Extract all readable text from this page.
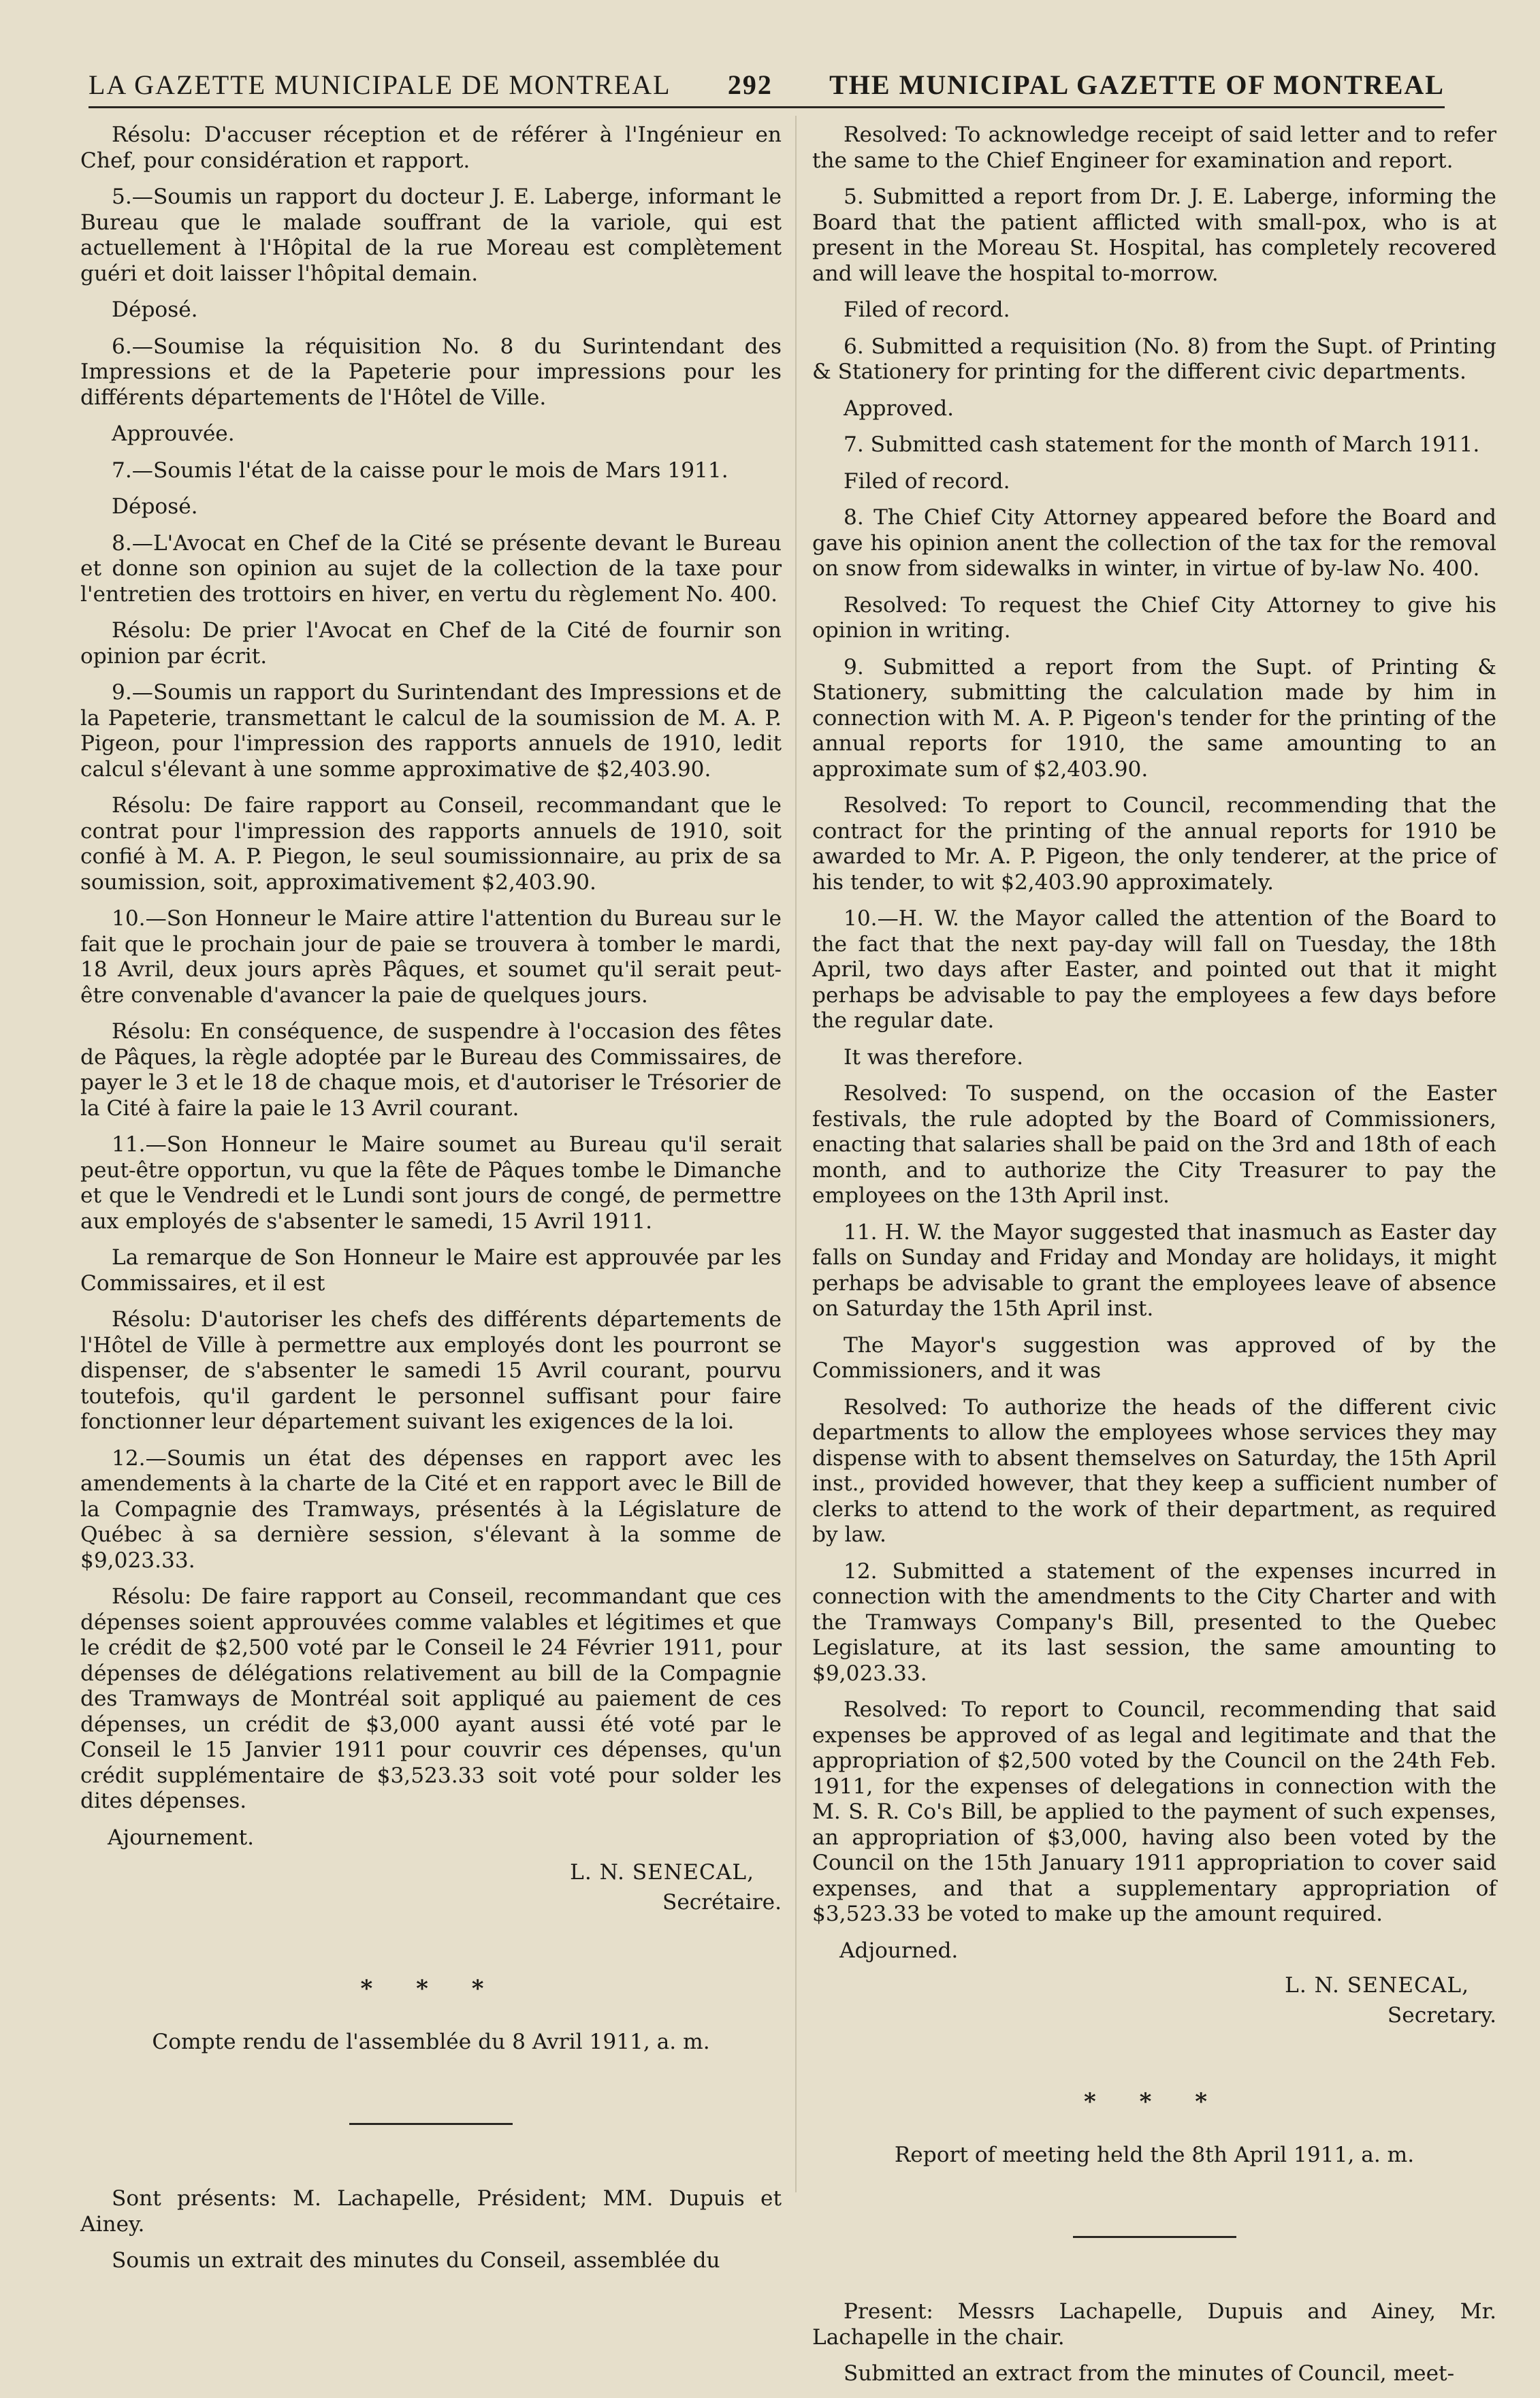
LA GAZETTE MUNICIPALE DE MONTREAL 292 THE MUNICIPAL GAZETTE OF MONTREAL

Résolu: D'accuser réception et de référer à l'Ingénieur en Chef, pour considération et rapport.

5.—Soumis un rapport du docteur J. E. Laberge, informant le Bureau que le malade souffrant de la variole, qui est actuellement à l'Hôpital de la rue Moreau est complètement guéri et doit laisser l'hôpital demain.

Déposé.

6.—Soumise la réquisition No. 8 du Surintendant des Impressions et de la Papeterie pour impressions pour les différents départements de l'Hôtel de Ville.

Approuvée.

7.—Soumis l'état de la caisse pour le mois de Mars 1911.

Déposé.

8.—L'Avocat en Chef de la Cité se présente devant le Bureau et donne son opinion au sujet de la collection de la taxe pour l'entretien des trottoirs en hiver, en vertu du règlement No. 400.

Résolu: De prier l'Avocat en Chef de la Cité de fournir son opinion par écrit.

9.—Soumis un rapport du Surintendant des Impressions et de la Papeterie, transmettant le calcul de la soumission de M. A. P. Pigeon, pour l'impression des rapports annuels de 1910, ledit calcul s'élevant à une somme approximative de $2,403.90.

Résolu: De faire rapport au Conseil, recommandant que le contrat pour l'impression des rapports annuels de 1910, soit confié à M. A. P. Piegon, le seul soumissionnaire, au prix de sa soumission, soit, approximativement $2,403.90.

10.—Son Honneur le Maire attire l'attention du Bureau sur le fait que le prochain jour de paie se trouvera à tomber le mardi, 18 Avril, deux jours après Pâques, et soumet qu'il serait peut-être convenable d'avancer la paie de quelques jours.

Résolu: En conséquence, de suspendre à l'occasion des fêtes de Pâques, la règle adoptée par le Bureau des Commissaires, de payer le 3 et le 18 de chaque mois, et d'autoriser le Trésorier de la Cité à faire la paie le 13 Avril courant.

11.—Son Honneur le Maire soumet au Bureau qu'il serait peut-être opportun, vu que la fête de Pâques tombe le Dimanche et que le Vendredi et le Lundi sont jours de congé, de permettre aux employés de s'absenter le samedi, 15 Avril 1911.

La remarque de Son Honneur le Maire est approuvée par les Commissaires, et il est

Résolu: D'autoriser les chefs des différents départements de l'Hôtel de Ville à permettre aux employés dont les pourront se dispenser, de s'absenter le samedi 15 Avril courant, pourvu toutefois, qu'il gardent le personnel suffisant pour faire fonctionner leur département suivant les exigences de la loi.

12.—Soumis un état des dépenses en rapport avec les amendements à la charte de la Cité et en rapport avec le Bill de la Compagnie des Tramways, présentés à la Législature de Québec à sa dernière session, s'élevant à la somme de $9,023.33.

Résolu: De faire rapport au Conseil, recommandant que ces dépenses soient approuvées comme valables et légitimes et que le crédit de $2,500 voté par le Conseil le 24 Février 1911, pour dépenses de délégations relativement au bill de la Compagnie des Tramways de Montréal soit appliqué au paiement de ces dépenses, un crédit de $3,000 ayant aussi été voté par le Conseil le 15 Janvier 1911 pour couvrir ces dépenses, qu'un crédit supplémentaire de $3,523.33 soit voté pour solder les dites dépenses.

Ajournement.

L. N. SENECAL,

Secrétaire.

* * *

Compte rendu de l'assemblée du 8 Avril 1911, a. m.

Sont présents: M. Lachapelle, Président; MM. Dupuis et Ainey.

Soumis un extrait des minutes du Conseil, assemblée du

Resolved: To acknowledge receipt of said letter and to refer the same to the Chief Engineer for examination and report.

5. Submitted a report from Dr. J. E. Laberge, informing the Board that the patient afflicted with small-pox, who is at present in the Moreau St. Hospital, has completely recovered and will leave the hospital to-morrow.

Filed of record.

6. Submitted a requisition (No. 8) from the Supt. of Printing & Stationery for printing for the different civic departments.

Approved.

7. Submitted cash statement for the month of March 1911.

Filed of record.

8. The Chief City Attorney appeared before the Board and gave his opinion anent the collection of the tax for the removal on snow from sidewalks in winter, in virtue of by-law No. 400.

Resolved: To request the Chief City Attorney to give his opinion in writing.

9. Submitted a report from the Supt. of Printing & Stationery, submitting the calculation made by him in connection with M. A. P. Pigeon's tender for the printing of the annual reports for 1910, the same amounting to an approximate sum of $2,403.90.

Resolved: To report to Council, recommending that the contract for the printing of the annual reports for 1910 be awarded to Mr. A. P. Pigeon, the only tenderer, at the price of his tender, to wit $2,403.90 approximately.

10.—H. W. the Mayor called the attention of the Board to the fact that the next pay-day will fall on Tuesday, the 18th April, two days after Easter, and pointed out that it might perhaps be advisable to pay the employees a few days before the regular date.

It was therefore.

Resolved: To suspend, on the occasion of the Easter festivals, the rule adopted by the Board of Commissioners, enacting that salaries shall be paid on the 3rd and 18th of each month, and to authorize the City Treasurer to pay the employees on the 13th April inst.

11. H. W. the Mayor suggested that inasmuch as Easter day falls on Sunday and Friday and Monday are holidays, it might perhaps be advisable to grant the employees leave of absence on Saturday the 15th April inst.

The Mayor's suggestion was approved of by the Commissioners, and it was

Resolved: To authorize the heads of the different civic departments to allow the employees whose services they may dispense with to absent themselves on Saturday, the 15th April inst., provided however, that they keep a sufficient number of clerks to attend to the work of their department, as required by law.

12. Submitted a statement of the expenses incurred in connection with the amendments to the City Charter and with the Tramways Company's Bill, presented to the Quebec Legislature, at its last session, the same amounting to $9,023.33.

Resolved: To report to Council, recommending that said expenses be approved of as legal and legitimate and that the appropriation of $2,500 voted by the Council on the 24th Feb. 1911, for the expenses of delegations in connection with the M. S. R. Co's Bill, be applied to the payment of such expenses, an appropriation of $3,000, having also been voted by the Council on the 15th January 1911 appropriation to cover said expenses, and that a supplementary appropriation of $3,523.33 be voted to make up the amount required.

Adjourned.

L. N. SENECAL,

Secretary.

* * *

Report of meeting held the 8th April 1911, a. m.

Present: Messrs Lachapelle, Dupuis and Ainey, Mr. Lachapelle in the chair.

Submitted an extract from the minutes of Council, meet-
